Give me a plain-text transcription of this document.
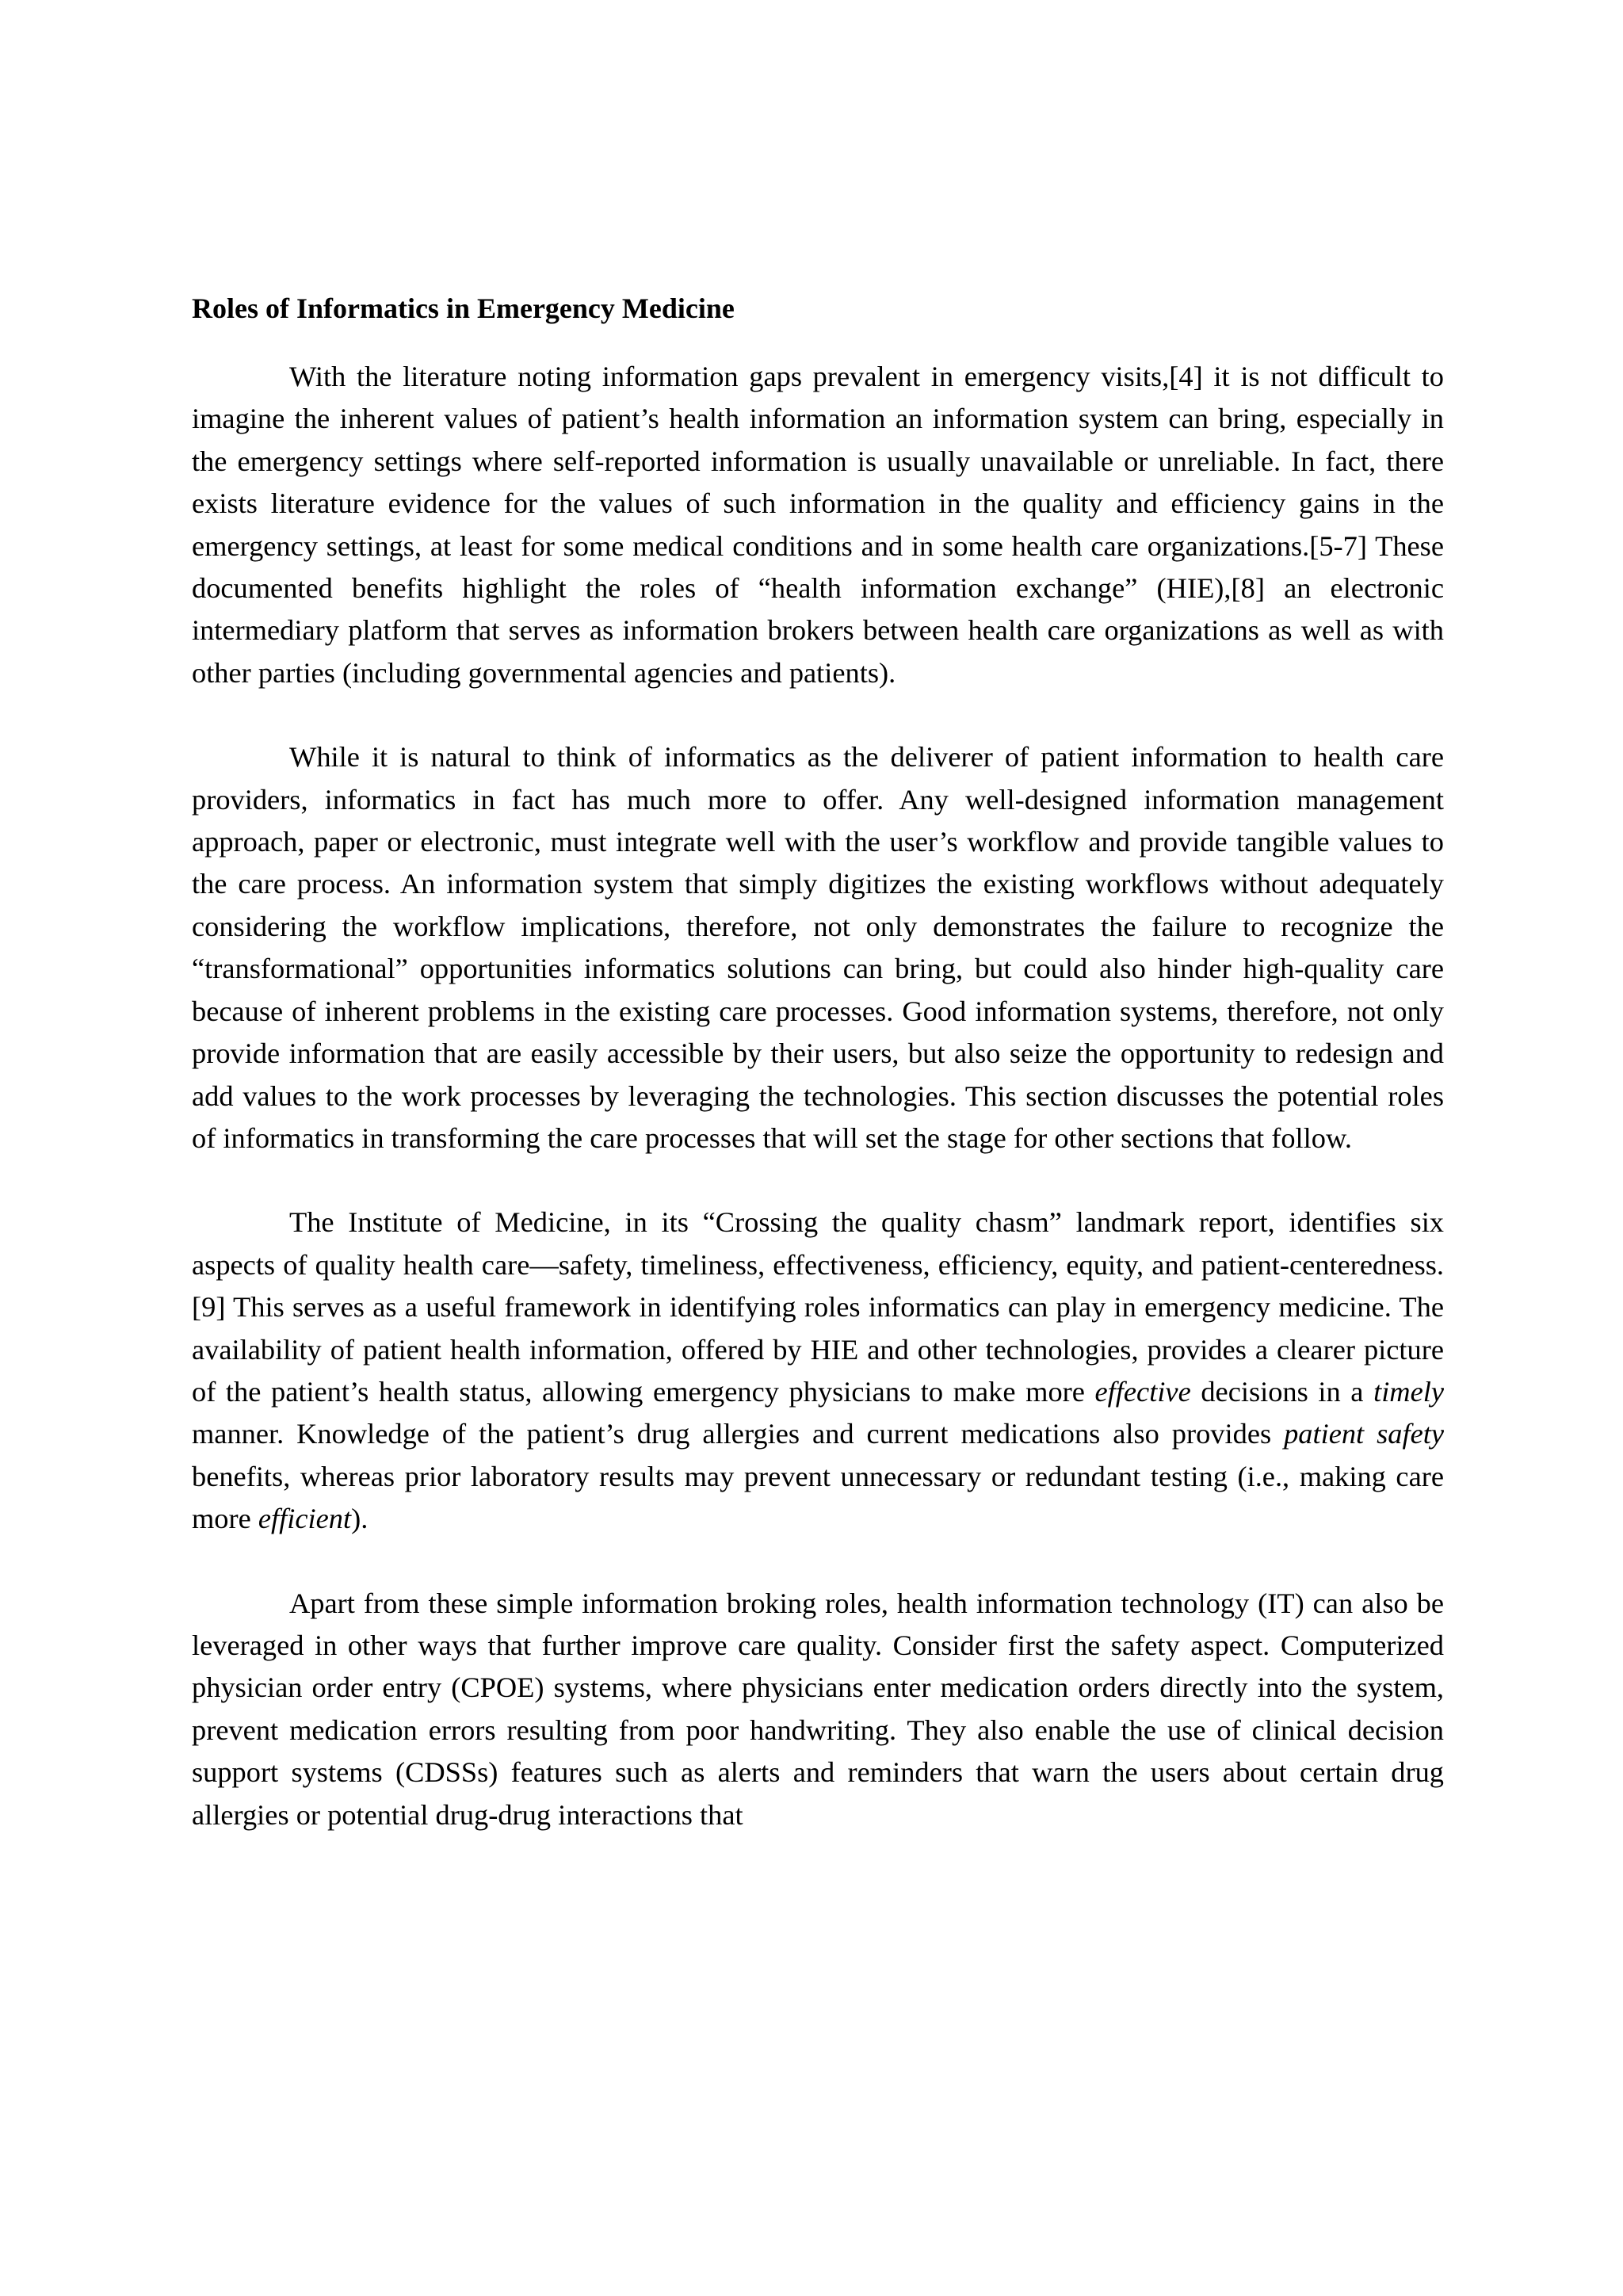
Roles of Informatics in Emergency Medicine

With the literature noting information gaps prevalent in emergency visits,[4] it is not difficult to imagine the inherent values of patient’s health information an information system can bring, especially in the emergency settings where self-reported information is usually unavailable or unreliable. In fact, there exists literature evidence for the values of such information in the quality and efficiency gains in the emergency settings, at least for some medical conditions and in some health care organizations.[5-7] These documented benefits highlight the roles of “health information exchange” (HIE),[8] an electronic intermediary platform that serves as information brokers between health care organizations as well as with other parties (including governmental agencies and patients).

While it is natural to think of informatics as the deliverer of patient information to health care providers, informatics in fact has much more to offer. Any well-designed information management approach, paper or electronic, must integrate well with the user’s workflow and provide tangible values to the care process. An information system that simply digitizes the existing workflows without adequately considering the workflow implications, therefore, not only demonstrates the failure to recognize the “transformational” opportunities informatics solutions can bring, but could also hinder high-quality care because of inherent problems in the existing care processes. Good information systems, therefore, not only provide information that are easily accessible by their users, but also seize the opportunity to redesign and add values to the work processes by leveraging the technologies. This section discusses the potential roles of informatics in transforming the care processes that will set the stage for other sections that follow.

The Institute of Medicine, in its “Crossing the quality chasm” landmark report, identifies six aspects of quality health care—safety, timeliness, effectiveness, efficiency, equity, and patient-centeredness.[9] This serves as a useful framework in identifying roles informatics can play in emergency medicine. The availability of patient health information, offered by HIE and other technologies, provides a clearer picture of the patient’s health status, allowing emergency physicians to make more effective decisions in a timely manner. Knowledge of the patient’s drug allergies and current medications also provides patient safety benefits, whereas prior laboratory results may prevent unnecessary or redundant testing (i.e., making care more efficient).

Apart from these simple information broking roles, health information technology (IT) can also be leveraged in other ways that further improve care quality. Consider first the safety aspect. Computerized physician order entry (CPOE) systems, where physicians enter medication orders directly into the system, prevent medication errors resulting from poor handwriting. They also enable the use of clinical decision support systems (CDSSs) features such as alerts and reminders that warn the users about certain drug allergies or potential drug-drug interactions that
